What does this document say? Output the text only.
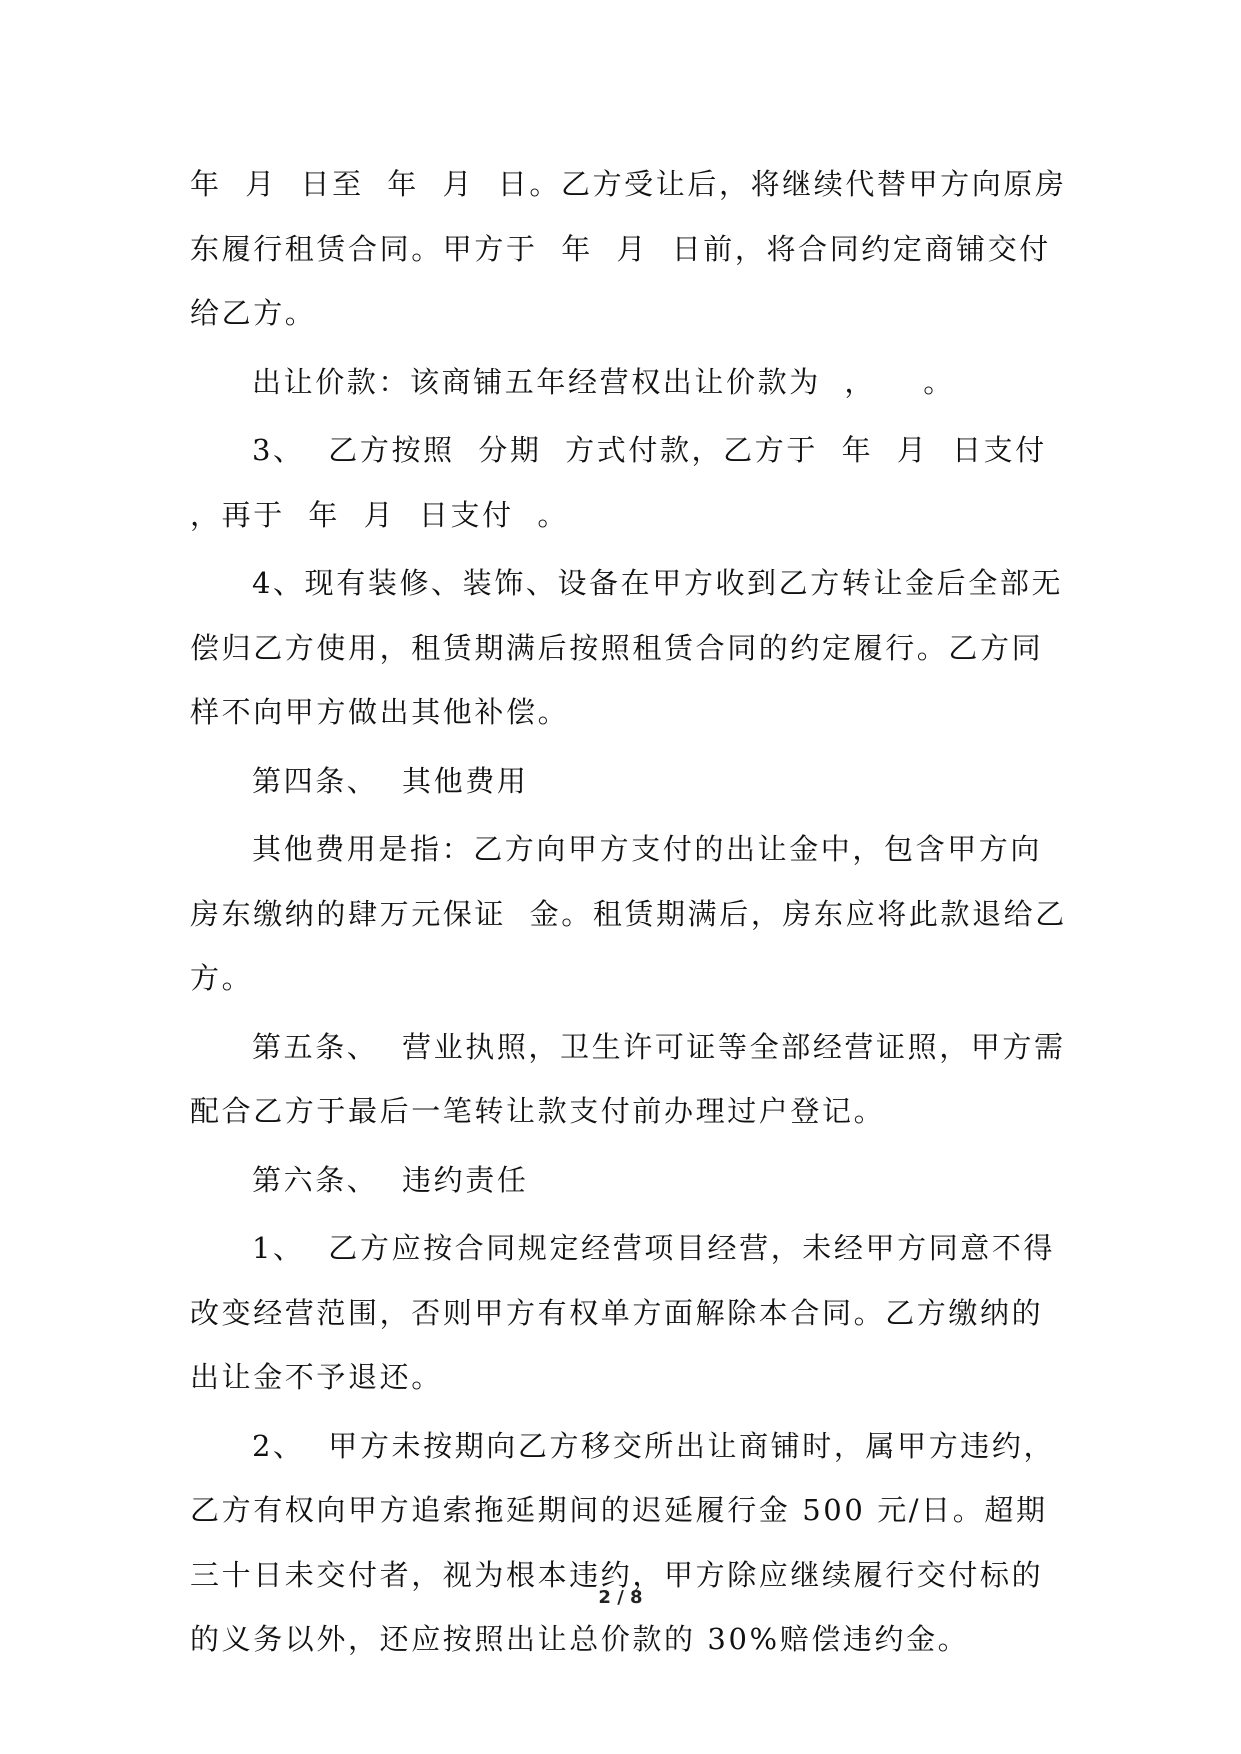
年  月  日至  年  月  日。乙方受让后，将继续代替甲方向原房东履行租赁合同。甲方于  年  月  日前，将合同约定商铺交付给乙方。

出让价款：该商铺五年经营权出让价款为  ，    。

3、  乙方按照  分期  方式付款，乙方于  年  月  日支付  ，再于  年  月  日支付  。

4、现有装修、装饰、设备在甲方收到乙方转让金后全部无偿归乙方使用，租赁期满后按照租赁合同的约定履行。乙方同样不向甲方做出其他补偿。

第四条、  其他费用

其他费用是指：乙方向甲方支付的出让金中，包含甲方向房东缴纳的肆万元保证  金。租赁期满后，房东应将此款退给乙方。

第五条、  营业执照，卫生许可证等全部经营证照，甲方需配合乙方于最后一笔转让款支付前办理过户登记。

第六条、  违约责任

1、  乙方应按合同规定经营项目经营，未经甲方同意不得改变经营范围，否则甲方有权单方面解除本合同。乙方缴纳的出让金不予退还。

2、  甲方未按期向乙方移交所出让商铺时，属甲方违约，乙方有权向甲方追索拖延期间的迟延履行金 500 元/日。超期三十日未交付者，视为根本违约，甲方除应继续履行交付标的的义务以外，还应按照出让总价款的 30%赔偿违约金。

2 / 8
